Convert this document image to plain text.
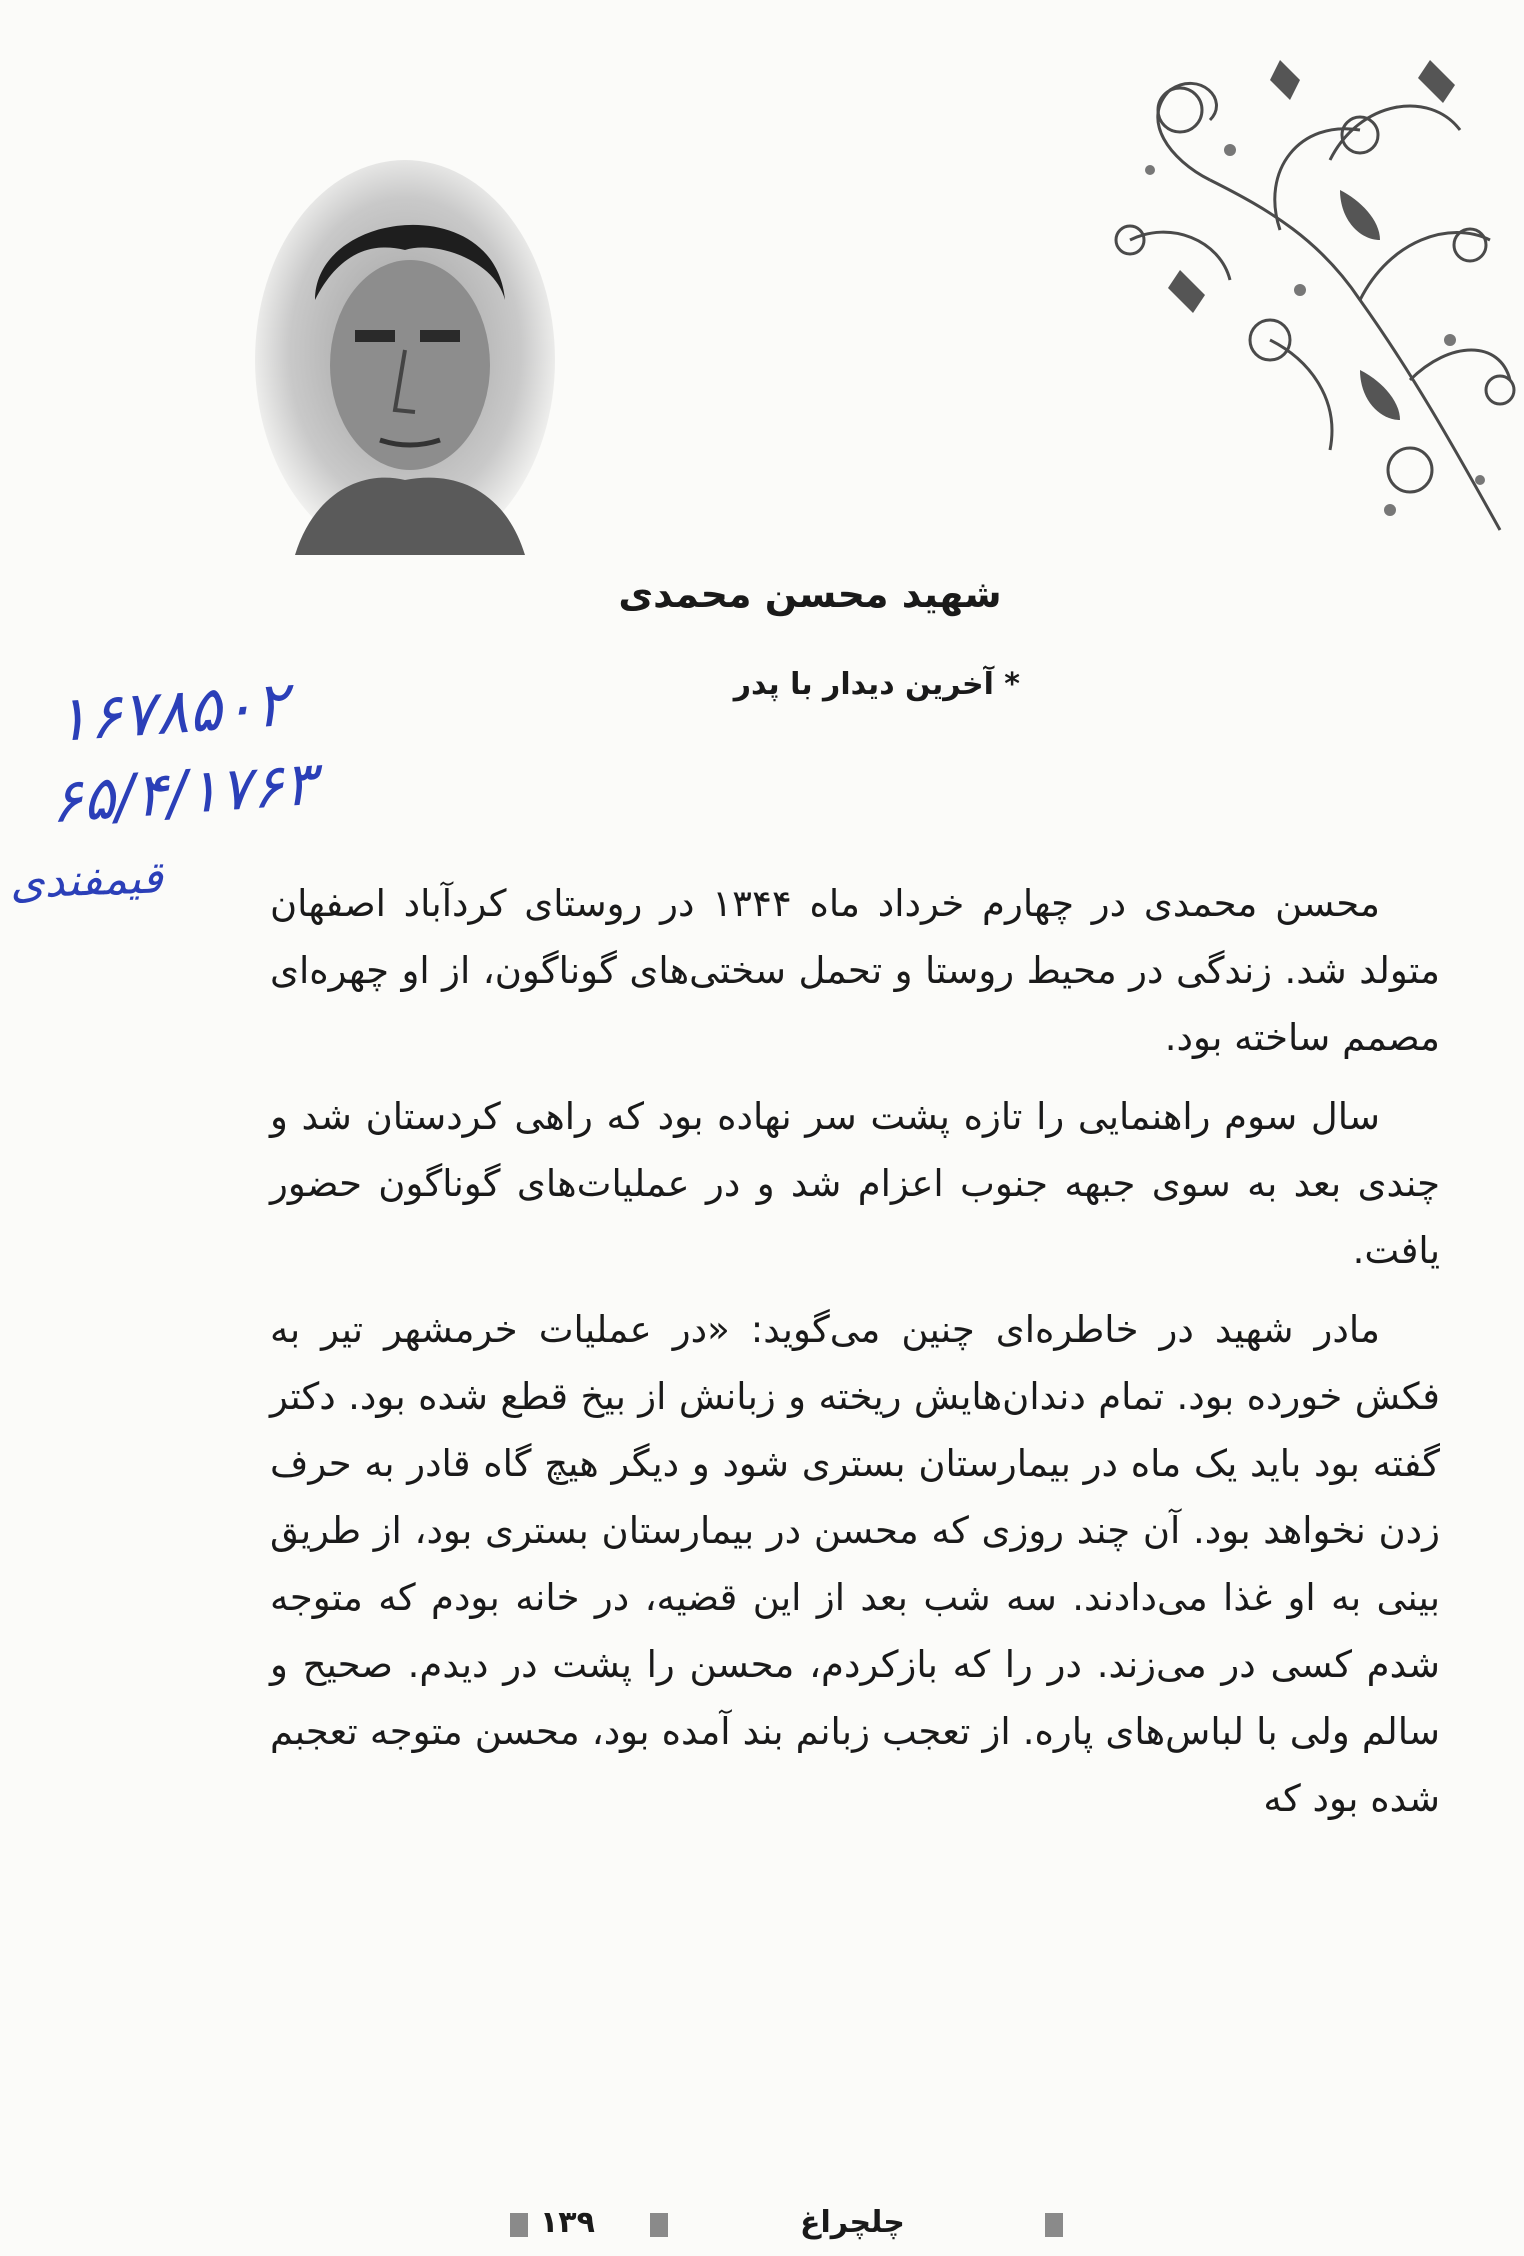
شهید محسن محمدی
* آخرین دیدار با پدر
۱۶۷۸۵۰۲
۶۵/۴/۱۷۶۳
قیمفندی	محسن محمدی در چهارم خرداد ماه ۱۳۴۴ در روستای کردآباد اصفهان متولد شد. زندگی در محیط روستا و تحمل سختی‌های گوناگون، از او چهره‌ای مصمم ساخته بود.

سال سوم راهنمایی را تازه پشت سر نهاده بود که راهی کردستان شد و چندی بعد به سوی جبهه جنوب اعزام شد و در عملیات‌های گوناگون حضور یافت.

مادر شهید در خاطره‌ای چنین می‌گوید: «در عملیات خرمشهر تیر به فکش خورده بود. تمام دندان‌هایش ریخته و زبانش از بیخ قطع شده بود. دکتر گفته بود باید یک ماه در بیمارستان بستری شود و دیگر هیچ گاه قادر به حرف زدن نخواهد بود. آن چند روزی که محسن در بیمارستان بستری بود، از طریق بینی به او غذا می‌دادند. سه شب بعد از این قضیه، در خانه بودم که متوجه شدم کسی در می‌زند. در را که بازکردم، محسن را پشت در دیدم. صحیح و سالم ولی با لباس‌های پاره. از تعجب زبانم بند آمده بود، محسن متوجه تعجبم شده بود که

۱۳۹	چلچراغ
